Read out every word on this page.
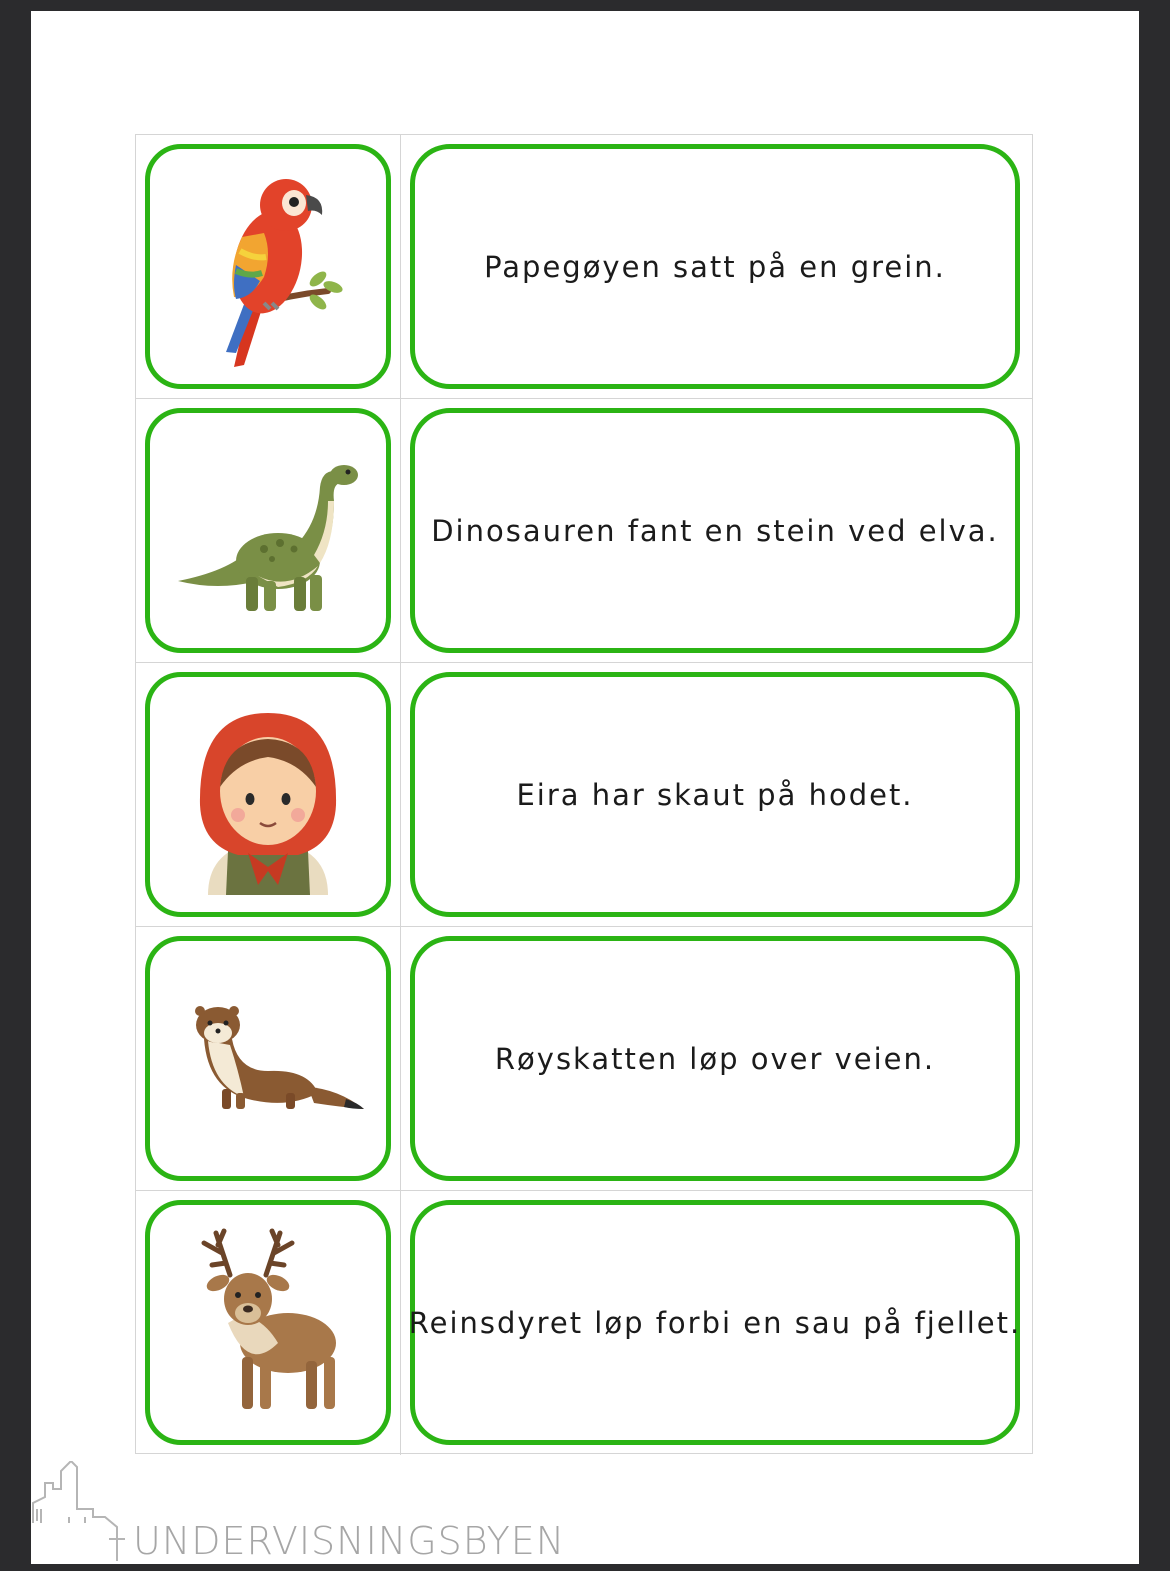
Papegøyen satt på en grein.
Dinosauren fant en stein ved elva.
Eira har skaut på hodet.
Røyskatten løp over veien.
Reinsdyret løp forbi en sau på fjellet.
UNDERVISNINGSBYEN
